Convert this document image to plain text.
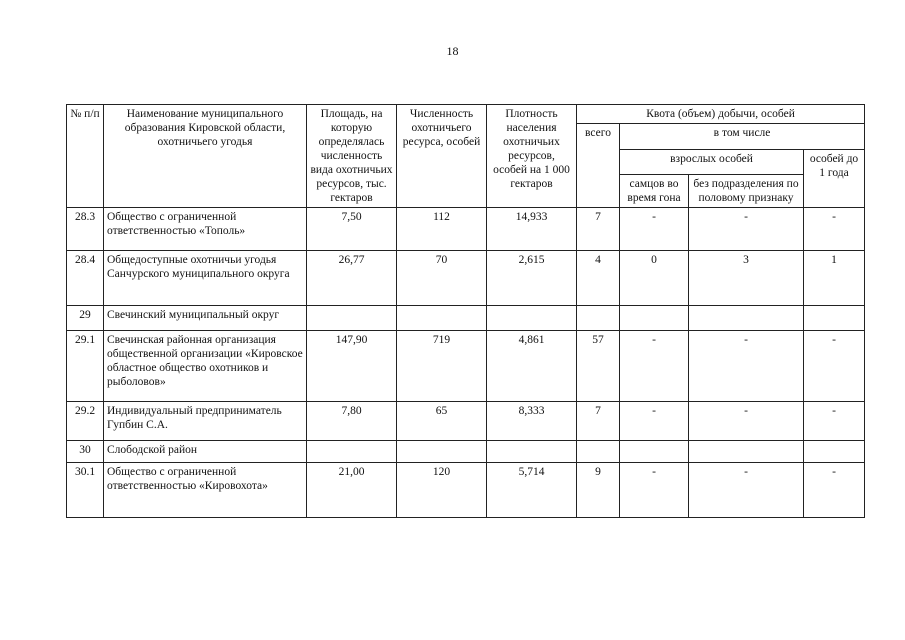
18
№ п/п	Наименование муниципального образования Кировской области, охотничьего угодья	Площадь, на которую определялась численность вида охотничьих ресурсов, тыс. гектаров	Численность охотничьего ресурса, особей	Плотность населения охотничьих ресурсов, особей на 1 000 гектаров	Квота (объем) добычи, особей			
					всего	в том числе		
						взрослых особей		особей до 1 года
						самцов во время гона	без подразделения по половому признаку	
28.3	Общество с ограниченной ответственностью «Тополь»	7,50	112	14,933	7	-	-	-
28.4	Общедоступные охотничьи угодья Санчурского муниципального округа	26,77	70	2,615	4	0	3	1
29	Свечинский муниципальный округ							
29.1	Свечинская районная организация общественной организации «Кировское областное общество охотников и рыболовов»	147,90	719	4,861	57	-	-	-
29.2	Индивидуальный предприниматель Гупбин С.А.	7,80	65	8,333	7	-	-	-
30	Слободской район							
30.1	Общество с ограниченной ответственностью «Кировохота»	21,00	120	5,714	9	-	-	-
